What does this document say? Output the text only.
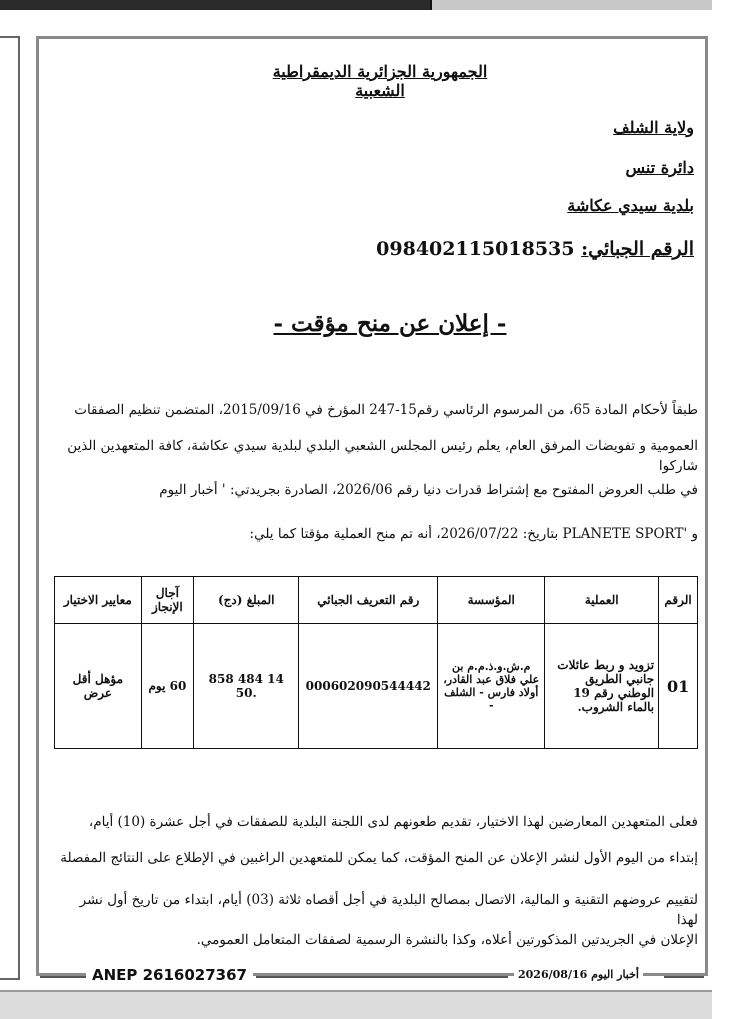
الجمهورية الجزائرية الديمقراطية الشعبية
ولاية الشلف
دائرة تنس
بلدية سيدي عكاشة
الرقم الجبائي: 098402115018535
- إعلان عن منح مؤقت -
طبقاً لأحكام المادة 65، من المرسوم الرئاسي رقم15-247 المؤرخ في 2015/09/16، المتضمن تنظيم الصفقات
العمومية و تفويضات المرفق العام، يعلم رئيس المجلس الشعبي البلدي لبلدية سيدي عكاشة، كافة المتعهدين الذين شاركوا
في طلب العروض المفتوح مع إشتراط قدرات دنيا رقم 2026/06، الصادرة بجريدتي: ' أخبار اليوم
و 'PLANETE SPORT بتاريخ: 2026/07/22، أنه تم منح العملية مؤقتا كما يلي:
الرقم	العملية	المؤسسة	رقم التعريف الجبائي	المبلغ (دج)	آجال الإنجاز	معايير الاختيار
01	تزويد و ربط عائلات جانبي الطريق الوطني رقم 19 بالماء الشروب.	م.ش.و.ذ.م.م بن علي فلاق عبد القادر، أولاد فارس - الشلف -	000602090544442	14 484 858 .50	60 يوم	مؤهل أقل عرض
فعلى المتعهدين المعارضين لهذا الاختيار، تقديم طعونهم لدى اللجنة البلدية للصفقات في أجل عشرة (10) أيام،
إبتداء من اليوم الأول لنشر الإعلان عن المنح المؤقت، كما يمكن للمتعهدين الراغبين في الإطلاع على النتائج المفصلة
لتقييم عروضهم التقنية و المالية، الاتصال بمصالح البلدية في أجل أقصاه ثلاثة (03) أيام، ابتداء من تاريخ أول نشر لهذا
الإعلان في الجريدتين المذكورتين أعلاه، وكذا بالنشرة الرسمية لصفقات المتعامل العمومي.
ANEP 2616027367	أخبار اليوم 2026/08/16
